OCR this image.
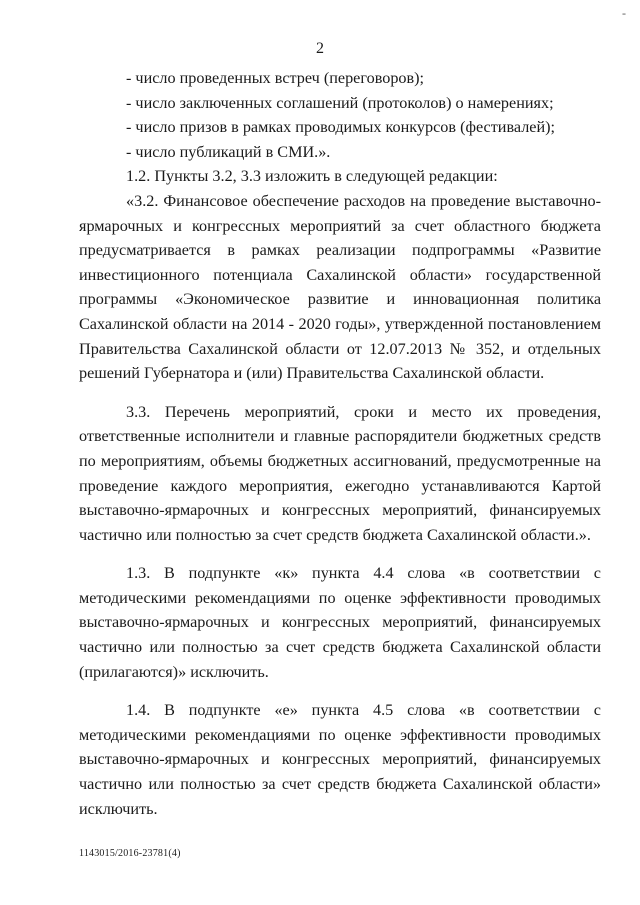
-
2

- число проведенных встреч (переговоров);

- число заключенных соглашений (протоколов) о намерениях;

- число призов в рамках проводимых конкурсов (фестивалей);

- число публикаций в СМИ.».

1.2. Пункты 3.2, 3.3 изложить в следующей редакции:

«3.2. Финансовое обеспечение расходов на проведение выставочно-ярмарочных и конгрессных мероприятий за счет областного бюджета предусматривается в рамках реализации подпрограммы «Развитие инвестиционного потенциала Сахалинской области» государственной программы «Экономическое развитие и инновационная политика Сахалинской области на 2014 - 2020 годы», утвержденной постановлением Правительства Сахалинской области от 12.07.2013 № 352, и отдельных решений Губернатора и (или) Правительства Сахалинской области.

3.3. Перечень мероприятий, сроки и место их проведения, ответственные исполнители и главные распорядители бюджетных средств по мероприятиям, объемы бюджетных ассигнований, предусмотренные на проведение каждого мероприятия, ежегодно устанавливаются Картой выставочно-ярмарочных и конгрессных мероприятий, финансируемых частично или полностью за счет средств бюджета Сахалинской области.».

1.3. В подпункте «к» пункта 4.4 слова «в соответствии с методическими рекомендациями по оценке эффективности проводимых выставочно-ярмарочных и конгрессных мероприятий, финансируемых частично или полностью за счет средств бюджета Сахалинской области (прилагаются)» исключить.

1.4. В подпункте «е» пункта 4.5 слова «в соответствии с методическими рекомендациями по оценке эффективности проводимых выставочно-ярмарочных и конгрессных мероприятий, финансируемых частично или полностью за счет средств бюджета Сахалинской области» исключить.

1143015/2016-23781(4)
